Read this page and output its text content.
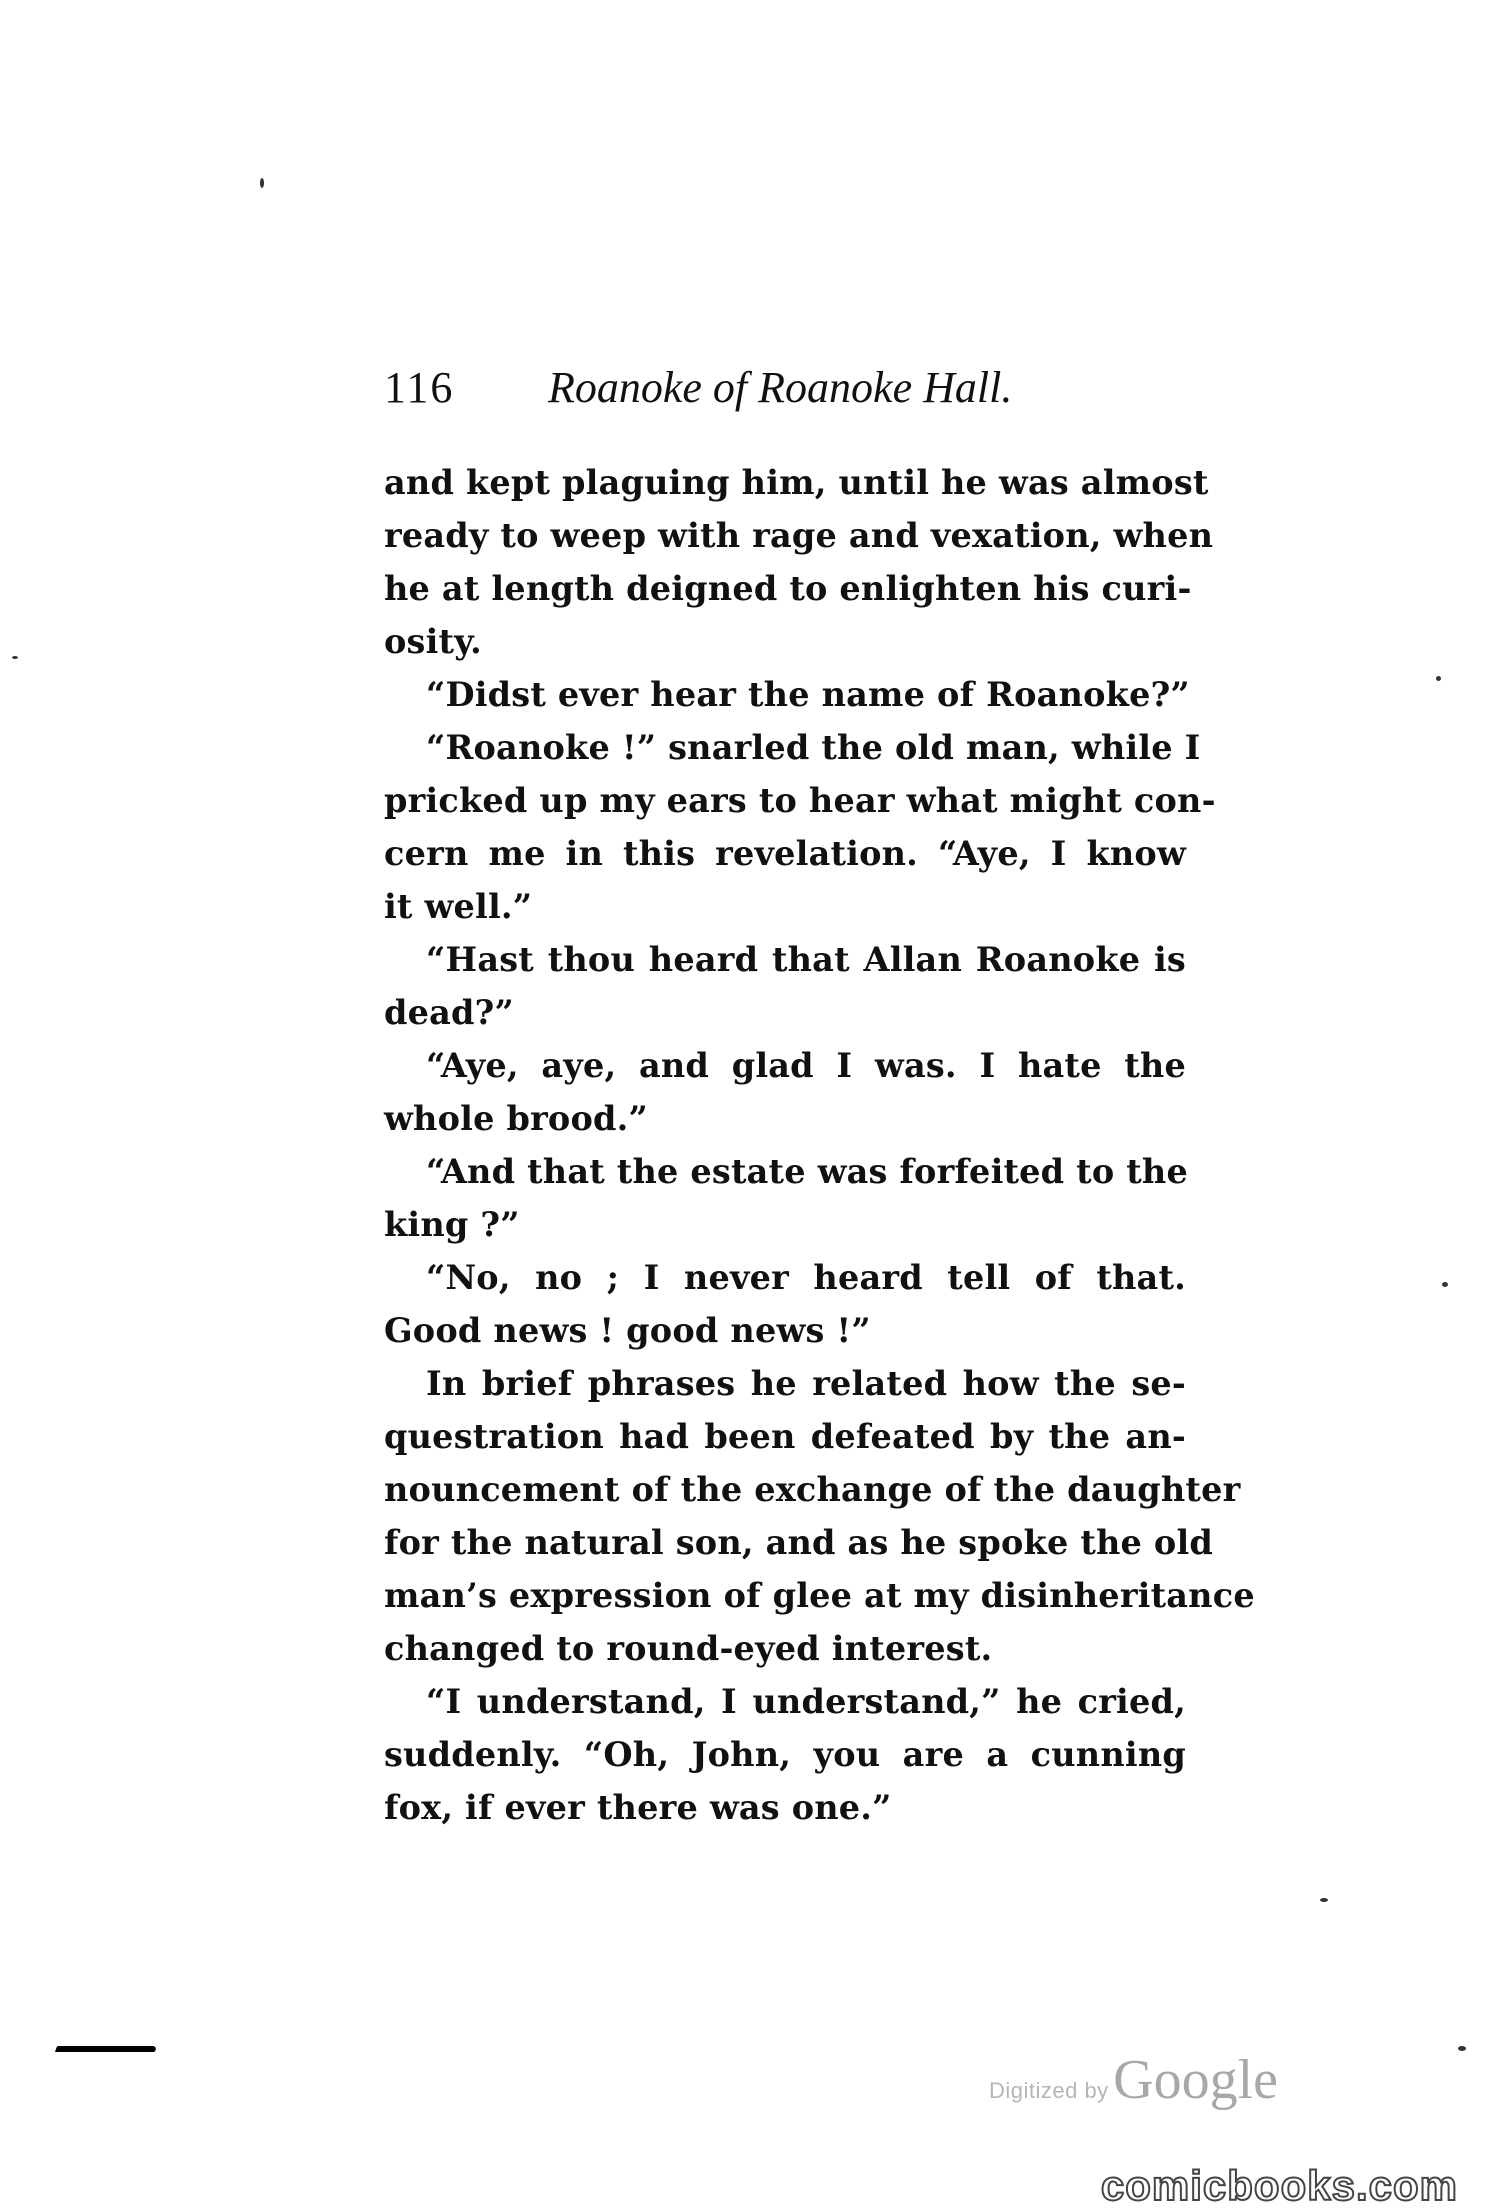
116 Roanoke of Roanoke Hall.
and kept plaguing him, until he was almost
ready to weep with rage and vexation, when
he at length deigned to enlighten his curi-
osity.
“Didst ever hear the name of Roanoke?”
“Roanoke !” snarled the old man, while I
pricked up my ears to hear what might con-
cern me in this revelation. “Aye, I know
it well.”
“Hast thou heard that Allan Roanoke is
dead?”
“Aye, aye, and glad I was. I hate the
whole brood.”
“And that the estate was forfeited to the
king ?”
“No, no ; I never heard tell of that.
Good news ! good news !”
In brief phrases he related how the se-
questration had been defeated by the an-
nouncement of the exchange of the daughter
for the natural son, and as he spoke the old
man’s expression of glee at my disinheritance
changed to round-eyed interest.
“I understand, I understand,” he cried,
suddenly. “Oh, John, you are a cunning
fox, if ever there was one.”
Digitized by Google
comicbooks.com
